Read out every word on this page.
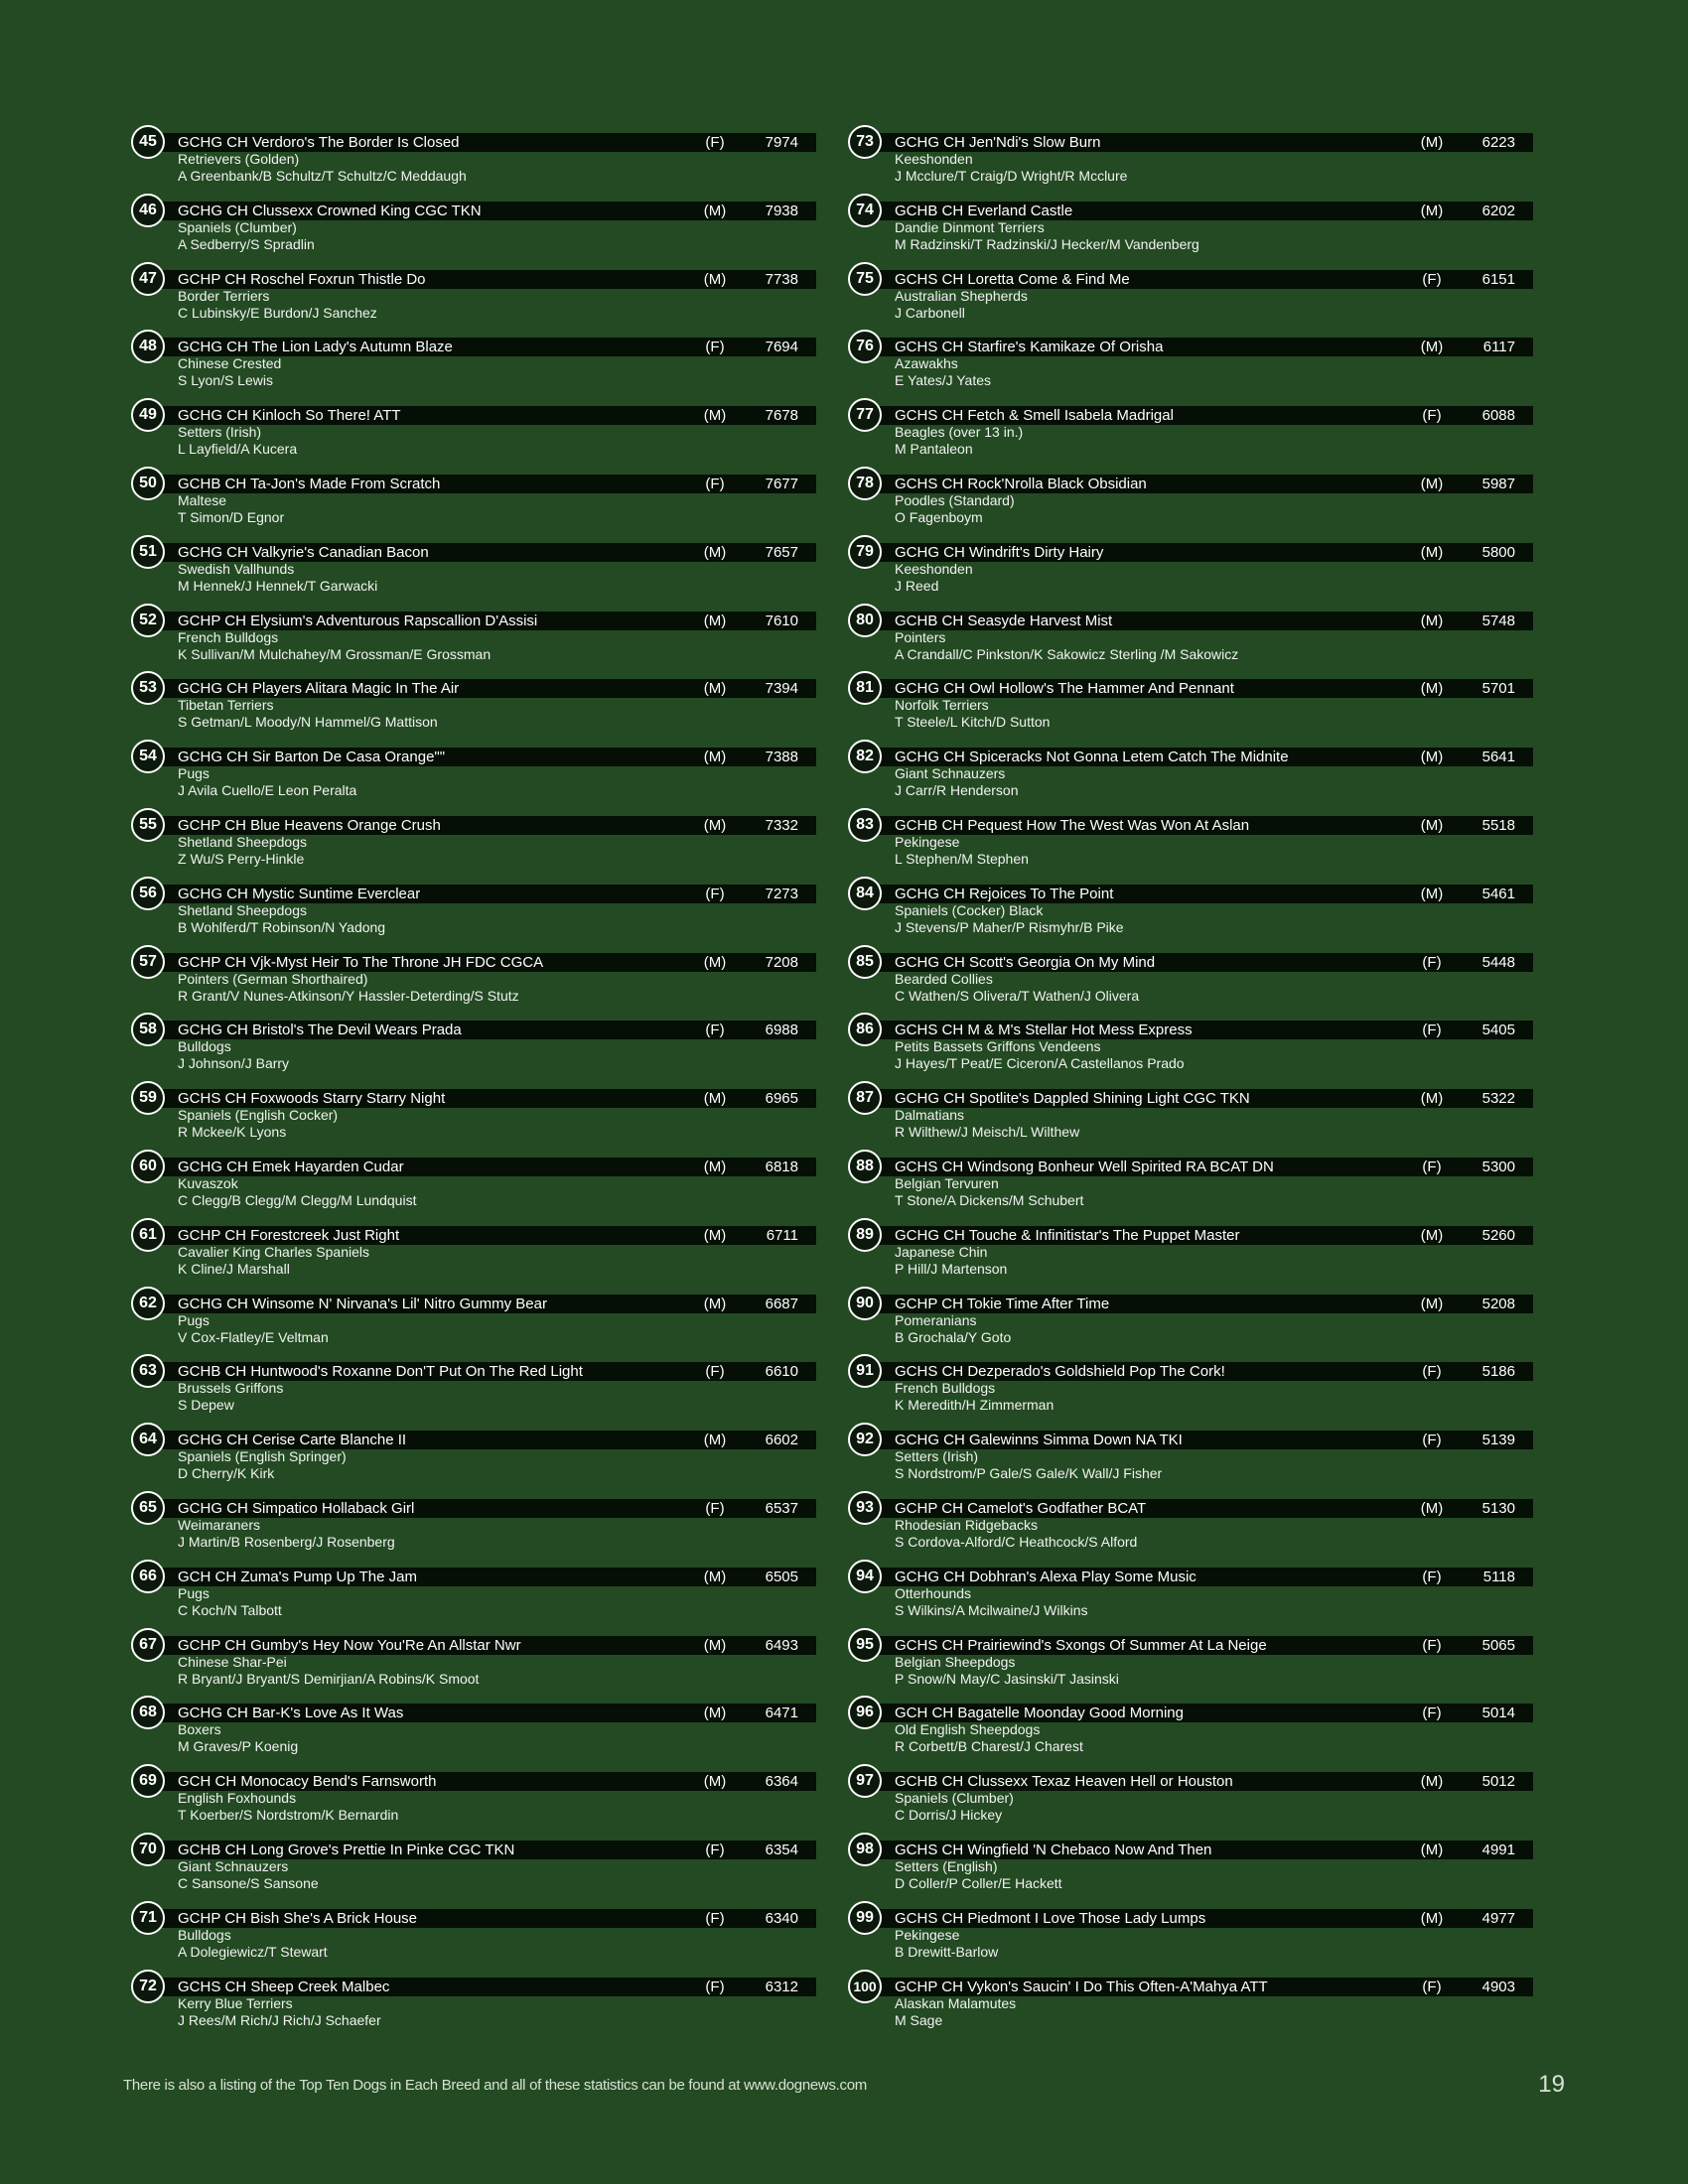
45	GCHG CH Verdoro's The Border Is Closed	(F)	7974
Retrievers (Golden)
A Greenbank/B Schultz/T Schultz/C Meddaugh
46	GCHG CH Clussexx Crowned King CGC TKN	(M)	7938
Spaniels (Clumber)
A Sedberry/S Spradlin
47	GCHP CH Roschel Foxrun Thistle Do	(M)	7738
Border Terriers
C Lubinsky/E Burdon/J Sanchez
48	GCHG CH The Lion Lady's Autumn Blaze	(F)	7694
Chinese Crested
S Lyon/S Lewis
49	GCHG CH Kinloch So There! ATT	(M)	7678
Setters (Irish)
L Layfield/A Kucera
50	GCHB CH Ta-Jon's Made From Scratch	(F)	7677
Maltese
T Simon/D Egnor
51	GCHG CH Valkyrie's Canadian Bacon	(M)	7657
Swedish Vallhunds
M Hennek/J Hennek/T Garwacki
52	GCHP CH Elysium's Adventurous Rapscallion D'Assisi	(M)	7610
French Bulldogs
K Sullivan/M Mulchahey/M Grossman/E Grossman
53	GCHG CH Players Alitara Magic In The Air	(M)	7394
Tibetan Terriers
S Getman/L Moody/N Hammel/G Mattison
54	GCHG CH Sir Barton De Casa Orange""	(M)	7388
Pugs
J Avila Cuello/E Leon Peralta
55	GCHP CH Blue Heavens Orange Crush	(M)	7332
Shetland Sheepdogs
Z Wu/S Perry-Hinkle
56	GCHG CH Mystic Suntime Everclear	(F)	7273
Shetland Sheepdogs
B Wohlferd/T Robinson/N Yadong
57	GCHP CH Vjk-Myst Heir To The Throne JH FDC CGCA	(M)	7208
Pointers (German Shorthaired)
R Grant/V Nunes-Atkinson/Y Hassler-Deterding/S Stutz
58	GCHG CH Bristol's The Devil Wears Prada	(F)	6988
Bulldogs
J Johnson/J Barry
59	GCHS CH Foxwoods Starry Starry Night	(M)	6965
Spaniels (English Cocker)
R Mckee/K Lyons
60	GCHG CH Emek Hayarden Cudar	(M)	6818
Kuvaszok
C Clegg/B Clegg/M Clegg/M Lundquist
61	GCHP CH Forestcreek Just Right	(M)	6711
Cavalier King Charles Spaniels
K Cline/J Marshall
62	GCHG CH Winsome N' Nirvana's Lil' Nitro Gummy Bear	(M)	6687
Pugs
V Cox-Flatley/E Veltman
63	GCHB CH Huntwood's Roxanne Don'T Put On The Red Light	(F)	6610
Brussels Griffons
S Depew
64	GCHG CH Cerise Carte Blanche II	(M)	6602
Spaniels (English Springer)
D Cherry/K Kirk
65	GCHG CH Simpatico Hollaback Girl	(F)	6537
Weimaraners
J Martin/B Rosenberg/J Rosenberg
66	GCH CH Zuma's Pump Up The Jam	(M)	6505
Pugs
C Koch/N Talbott
67	GCHP CH Gumby's Hey Now You'Re An Allstar Nwr	(M)	6493
Chinese Shar-Pei
R Bryant/J Bryant/S Demirjian/A Robins/K Smoot
68	GCHG CH Bar-K's Love As It Was	(M)	6471
Boxers
M Graves/P Koenig
69	GCH CH Monocacy Bend's Farnsworth	(M)	6364
English Foxhounds
T Koerber/S Nordstrom/K Bernardin
70	GCHB CH Long Grove's Prettie In Pinke CGC TKN	(F)	6354
Giant Schnauzers
C Sansone/S Sansone
71	GCHP CH Bish She's A Brick House	(F)	6340
Bulldogs
A Dolegiewicz/T Stewart
72	GCHS CH Sheep Creek Malbec	(F)	6312
Kerry Blue Terriers
J Rees/M Rich/J Rich/J Schaefer
73	GCHG CH Jen'Ndi's Slow Burn	(M)	6223
Keeshonden
J Mcclure/T Craig/D Wright/R Mcclure
74	GCHB CH Everland Castle	(M)	6202
Dandie Dinmont Terriers
M Radzinski/T Radzinski/J Hecker/M Vandenberg
75	GCHS CH Loretta Come & Find Me	(F)	6151
Australian Shepherds
J Carbonell
76	GCHS CH Starfire's Kamikaze Of Orisha	(M)	6117
Azawakhs
E Yates/J Yates
77	GCHS CH Fetch & Smell Isabela Madrigal	(F)	6088
Beagles (over 13 in.)
M Pantaleon
78	GCHS CH Rock'Nrolla Black Obsidian	(M)	5987
Poodles (Standard)
O Fagenboym
79	GCHG CH Windrift's Dirty Hairy	(M)	5800
Keeshonden
J Reed
80	GCHB CH Seasyde Harvest Mist	(M)	5748
Pointers
A Crandall/C Pinkston/K Sakowicz Sterling /M Sakowicz
81	GCHG CH Owl Hollow's The Hammer And Pennant	(M)	5701
Norfolk Terriers
T Steele/L Kitch/D Sutton
82	GCHG CH Spiceracks Not Gonna Letem Catch The Midnite	(M)	5641
Giant Schnauzers
J Carr/R Henderson
83	GCHB CH Pequest How The West Was Won At Aslan	(M)	5518
Pekingese
L Stephen/M Stephen
84	GCHG CH Rejoices To The Point	(M)	5461
Spaniels (Cocker) Black
J Stevens/P Maher/P Rismyhr/B Pike
85	GCHG CH Scott's Georgia On My Mind	(F)	5448
Bearded Collies
C Wathen/S Olivera/T Wathen/J Olivera
86	GCHS CH M & M's Stellar Hot Mess Express	(F)	5405
Petits Bassets Griffons Vendeens
J Hayes/T Peat/E Ciceron/A Castellanos Prado
87	GCHG CH Spotlite's Dappled Shining Light CGC TKN	(M)	5322
Dalmatians
R Wilthew/J Meisch/L Wilthew
88	GCHS CH Windsong Bonheur Well Spirited RA BCAT DN	(F)	5300
Belgian Tervuren
T Stone/A Dickens/M Schubert
89	GCHG CH Touche & Infinitistar's The Puppet Master	(M)	5260
Japanese Chin
P Hill/J Martenson
90	GCHP CH Tokie Time After Time	(M)	5208
Pomeranians
B Grochala/Y Goto
91	GCHS CH Dezperado's Goldshield Pop The Cork!	(F)	5186
French Bulldogs
K Meredith/H Zimmerman
92	GCHG CH Galewinns Simma Down NA TKI	(F)	5139
Setters (Irish)
S Nordstrom/P Gale/S Gale/K Wall/J Fisher
93	GCHP CH Camelot's Godfather BCAT	(M)	5130
Rhodesian Ridgebacks
S Cordova-Alford/C Heathcock/S Alford
94	GCHG CH Dobhran's Alexa Play Some Music	(F)	5118
Otterhounds
S Wilkins/A Mcilwaine/J Wilkins
95	GCHS CH Prairiewind's Sxongs Of Summer At La Neige	(F)	5065
Belgian Sheepdogs
P Snow/N May/C Jasinski/T Jasinski
96	GCH CH Bagatelle Moonday Good Morning	(F)	5014
Old English Sheepdogs
R Corbett/B Charest/J Charest
97	GCHB CH Clussexx Texaz Heaven Hell or Houston	(M)	5012
Spaniels (Clumber)
C Dorris/J Hickey
98	GCHS CH Wingfield 'N Chebaco Now And Then	(M)	4991
Setters (English)
D Coller/P Coller/E Hackett
99	GCHS CH Piedmont I Love Those Lady Lumps	(M)	4977
Pekingese
B Drewitt-Barlow
100	GCHP CH Vykon's Saucin' I Do This Often-A'Mahya ATT	(F)	4903
Alaskan Malamutes
M Sage
There is also a listing of the Top Ten Dogs in Each Breed and all of these statistics can be found at www.dognews.com	19
